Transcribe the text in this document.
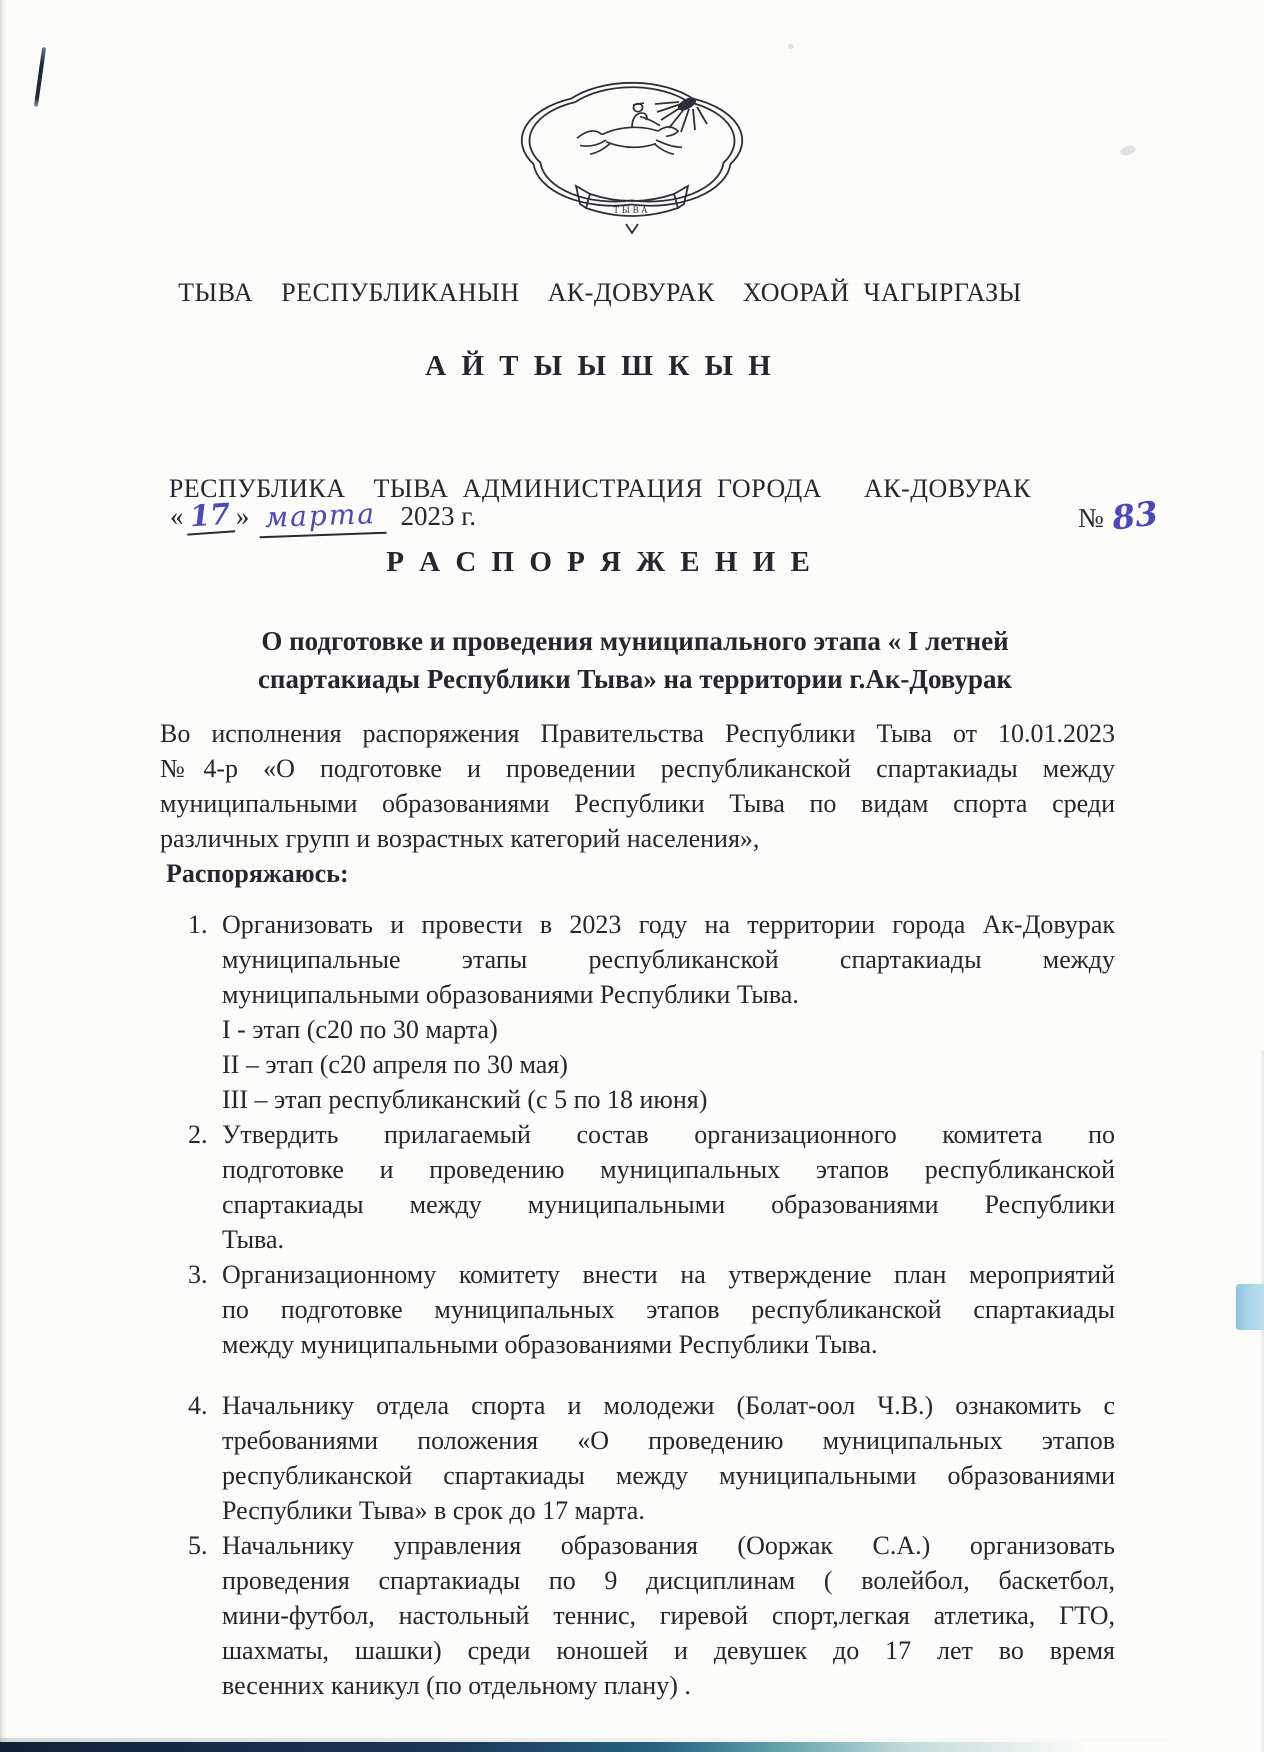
ТЫВА

ТЫВА  РЕСПУБЛИКАНЫН  АК-ДОВУРАК  ХООРАЙ ЧАГЫРГАЗЫ

А Й Т Ы Ы Ш К Ы Н

РЕСПУБЛИКА  ТЫВА АДМИНИСТРАЦИЯ ГОРОДА   АК-ДОВУРАК

Р А С П О Р Я Ж Е Н И Е

« 17 » марта 2023 г.	№ 83
О подготовке и проведения муниципального этапа « I летней
спартакиады Республики Тыва» на территории г.Ак-Довурак
Во исполнения распоряжения Правительства Республики Тыва от 10.01.2023
№4-р «О подготовке и проведении республиканской спартакиады между
муниципальными образованиями Республики Тыва по видам спорта среди
различных групп и возрастных категорий населения»,
Распоряжаюсь:
1. Организовать и провести в 2023 году на территории города Ак-Довурак
муниципальные этапы республиканской спартакиады между
муниципальными образованиями Республики Тыва.
I - этап (с20 по 30 марта)
II – этап (с20 апреля по 30 мая)
III – этап республиканский (с 5 по 18 июня)
2. Утвердить прилагаемый состав организационного комитета по
подготовке и проведению муниципальных этапов республиканской
спартакиады между муниципальными образованиями Республики
Тыва.
3. Организационному комитету внести на утверждение план мероприятий
по подготовке муниципальных этапов республиканской спартакиады
между муниципальными образованиями Республики Тыва.
4. Начальнику отдела спорта и молодежи (Болат-оол Ч.В.) ознакомить с
требованиями положения «О проведению муниципальных этапов
республиканской спартакиады между муниципальными образованиями
Республики Тыва» в срок до 17 марта.
5. Начальнику управления образования (Ооржак С.А.) организовать
проведения спартакиады по 9 дисциплинам ( волейбол, баскетбол,
мини-футбол, настольный теннис, гиревой спорт,легкая атлетика, ГТО,
шахматы, шашки) среди юношей и девушек до 17 лет во время
весенних каникул (по отдельному плану) .
